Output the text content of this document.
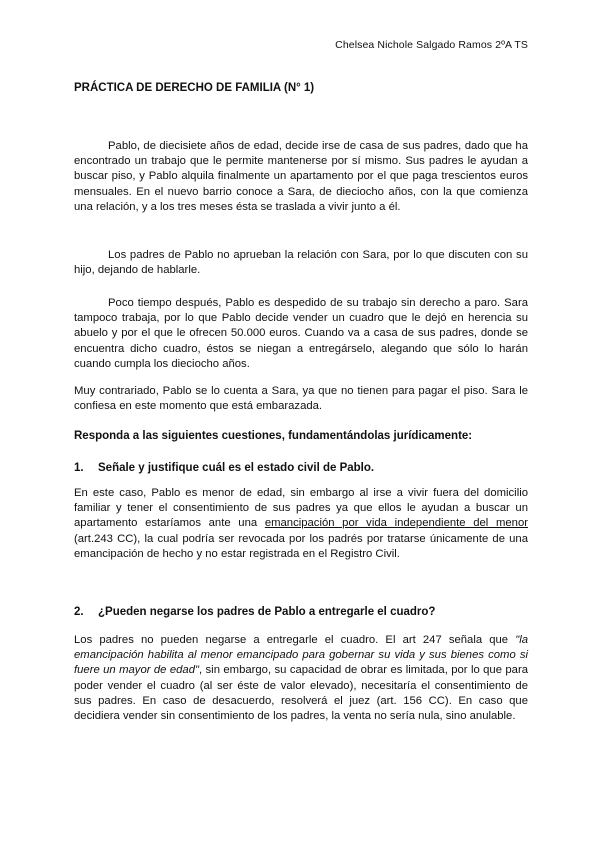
Chelsea Nichole Salgado Ramos 2ºA TS
PRÁCTICA DE DERECHO DE FAMILIA (N° 1)

Pablo, de diecisiete años de edad, decide irse de casa de sus padres, dado que ha encontrado un trabajo que le permite mantenerse por sí mismo. Sus padres le ayudan a buscar piso, y Pablo alquila finalmente un apartamento por el que paga trescientos euros mensuales. En el nuevo barrio conoce a Sara, de dieciocho años, con la que comienza una relación, y a los tres meses ésta se traslada a vivir junto a él.

Los padres de Pablo no aprueban la relación con Sara, por lo que discuten con su hijo, dejando de hablarle.

Poco tiempo después, Pablo es despedido de su trabajo sin derecho a paro. Sara tampoco trabaja, por lo que Pablo decide vender un cuadro que le dejó en herencia su abuelo y por el que le ofrecen 50.000 euros. Cuando va a casa de sus padres, donde se encuentra dicho cuadro, éstos se niegan a entregárselo, alegando que sólo lo harán cuando cumpla los dieciocho años.

Muy contrariado, Pablo se lo cuenta a Sara, ya que no tienen para pagar el piso. Sara le confiesa en este momento que está embarazada.

Responda a las siguientes cuestiones, fundamentándolas jurídicamente:
1. Señale y justifique cuál es el estado civil de Pablo.

En este caso, Pablo es menor de edad, sin embargo al irse a vivir fuera del domicilio familiar y tener el consentimiento de sus padres ya que ellos le ayudan a buscar un apartamento estaríamos ante una emancipación por vida independiente del menor (art.243 CC), la cual podría ser revocada por los padrés por tratarse únicamente de una emancipación de hecho y no estar registrada en el Registro Civil.

2. ¿Pueden negarse los padres de Pablo a entregarle el cuadro?

Los padres no pueden negarse a entregarle el cuadro. El art 247 señala que "la emancipación habilita al menor emancipado para gobernar su vida y sus bienes como si fuere un mayor de edad", sin embargo, su capacidad de obrar es limitada, por lo que para poder vender el cuadro (al ser éste de valor elevado), necesitaría el consentimiento de sus padres. En caso de desacuerdo, resolverá el juez (art. 156 CC). En caso que decidiera vender sin consentimiento de los padres, la venta no sería nula, sino anulable.
